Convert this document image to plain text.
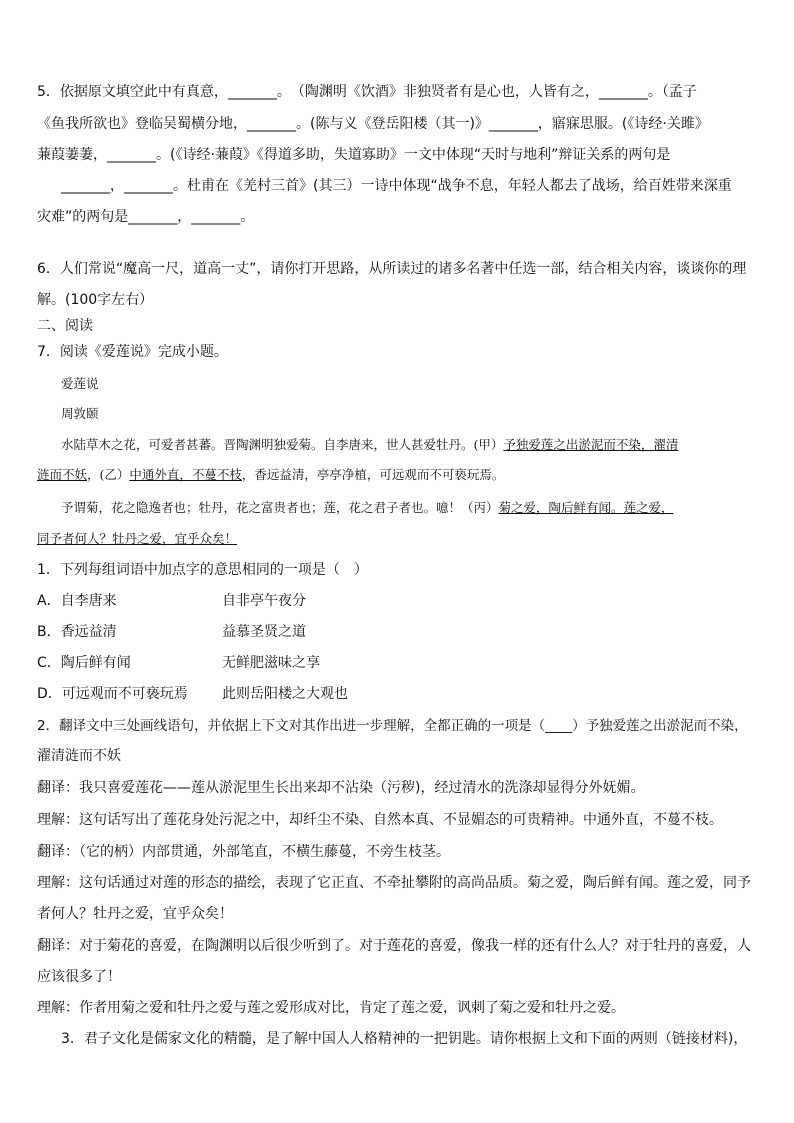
5．依据原文填空此中有真意，_______。　（陶渊明《饮酒》非独贤者有是心也，人皆有之，_______。（孟子
《鱼我所欲也》登临吴蜀横分地，_______。(陈与义《登岳阳楼（其一)》_______，寤寐思服。(《诗经·关雎》
蒹葭萋萋，_______。(《诗经·蒹葭》《得道多助，失道寡助》一文中体现“天时与地利”辩证关系的两句是
_______，_______。杜甫在《羌村三首》(其三）一诗中体现“战争不息，年轻人都去了战场，给百姓带来深重
灾难”的两句是_______，_______。
6．人们常说“魔高一尺，道高一丈”，请你打开思路，从所读过的诸多名著中任选一部，结合相关内容，谈谈你的理
解。(100字左右）
二、阅读
7．阅读《爱莲说》完成小题。
爱莲说
周敦颐
水陆草木之花，可爱者甚蕃。晋陶渊明独爱菊。自李唐来，世人甚爱牡丹。(甲）予独爱莲之出淤泥而不染，濯清
涟而不妖，(乙）中通外直，不蔓不枝，香远益清，亭亭净植，可远观而不可亵玩焉。
予谓菊，花之隐逸者也；牡丹，花之富贵者也；莲，花之君子者也。噫！（丙）菊之爱，陶后鲜有闻。莲之爱，
同予者何人？牡丹之爱，宜乎众矣！
1．下列每组词语中加点字的意思相同的一项是（　）
A．自李唐来	自非亭午夜分
B．香远益清	益慕圣贤之道
C．陶后鲜有闻	无鲜肥滋味之享
D．可远观而不可亵玩焉 此则岳阳楼之大观也
2．翻译文中三处画线语句，并依据上下文对其作出进一步理解，全都正确的一项是（____）予独爱莲之出淤泥而不染，
濯清涟而不妖
翻译：我只喜爱莲花——莲从淤泥里生长出来却不沾染（污秽)，经过清水的洗涤却显得分外妩媚。
理解：这句话写出了莲花身处污泥之中，却纤尘不染、自然本真、不显媚态的可贵精神。中通外直，不蔓不枝。
翻译：（它的柄）内部贯通，外部笔直，不横生藤蔓，不旁生枝茎。
理解：这句话通过对莲的形态的描绘，表现了它正直、不牵扯攀附的高尚品质。菊之爱，陶后鲜有闻。莲之爱，同予
者何人？牡丹之爱，宜乎众矣！
翻译：对于菊花的喜爱，在陶渊明以后很少听到了。对于莲花的喜爱，像我一样的还有什么人？对于牡丹的喜爱，人
应该很多了！
理解：作者用菊之爱和牡丹之爱与莲之爱形成对比，肯定了莲之爱，讽刺了菊之爱和牡丹之爱。
3．君子文化是儒家文化的精髓，是了解中国人人格精神的一把钥匙。请你根据上文和下面的两则（链接材料)，
